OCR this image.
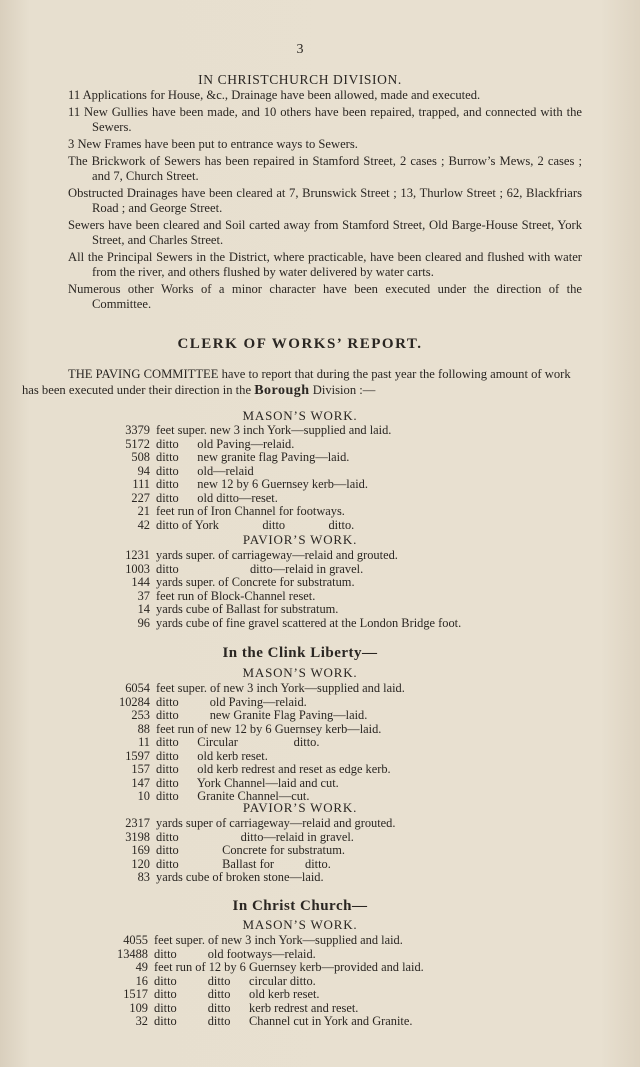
3
IN CHRISTCHURCH DIVISION.
11 Applications for House, &c., Drainage have been allowed, made and executed.
11 New Gullies have been made, and 10 others have been repaired, trapped, and connected with the Sewers.
3 New Frames have been put to entrance ways to Sewers.
The Brickwork of Sewers has been repaired in Stamford Street, 2 cases ; Burrow’s Mews, 2 cases ; and 7, Church Street.
Obstructed Drainages have been cleared at 7, Brunswick Street ; 13, Thurlow Street ; 62, Blackfriars Road ; and George Street.
Sewers have been cleared and Soil carted away from Stamford Street, Old Barge-House Street, York Street, and Charles Street.
All the Principal Sewers in the District, where practicable, have been cleared and flushed with water from the river, and others flushed by water delivered by water carts.
Numerous other Works of a minor character have been executed under the direction of the Committee.
CLERK OF WORKS’ REPORT.

THE PAVING COMMITTEE have to report that during the past year the following amount of work has been executed under their direction in the Borough Division :—

MASON’S WORK.
3379 feet super. new 3 inch York—supplied and laid.
5172 ditto      old Paving—relaid.
508 ditto      new granite flag Paving—laid.
94 ditto      old—relaid
111 ditto      new 12 by 6 Guernsey kerb—laid.
227 ditto      old ditto—reset.
21 feet run of Iron Channel for footways.
42 ditto of York              ditto              ditto.
PAVIOR’S WORK.
1231 yards super. of carriageway—relaid and grouted.
1003 ditto                       ditto—relaid in gravel.
144 yards super. of Concrete for substratum.
37 feet run of Block-Channel reset.
14 yards cube of Ballast for substratum.
96 yards cube of fine gravel scattered at the London Bridge foot.
In the Clink Liberty—
MASON’S WORK.
6054 feet super. of new 3 inch York—supplied and laid.
10284 ditto          old Paving—relaid.
253 ditto          new Granite Flag Paving—laid.
88 feet run of new 12 by 6 Guernsey kerb—laid.
11 ditto      Circular                  ditto.
1597 ditto      old kerb reset.
157 ditto      old kerb redrest and reset as edge kerb.
147 ditto      York Channel—laid and cut.
10 ditto      Granite Channel—cut.
PAVIOR’S WORK.
2317 yards super of carriageway—relaid and grouted.
3198 ditto                    ditto—relaid in gravel.
169 ditto              Concrete for substratum.
120 ditto              Ballast for          ditto.
83 yards cube of broken stone—laid.
In Christ Church—
MASON’S WORK.
4055 feet super. of new 3 inch York—supplied and laid.
13488 ditto          old footways—relaid.
49 feet run of 12 by 6 Guernsey kerb—provided and laid.
16 ditto          ditto      circular ditto.
1517 ditto          ditto      old kerb reset.
109 ditto          ditto      kerb redrest and reset.
32 ditto          ditto      Channel cut in York and Granite.
